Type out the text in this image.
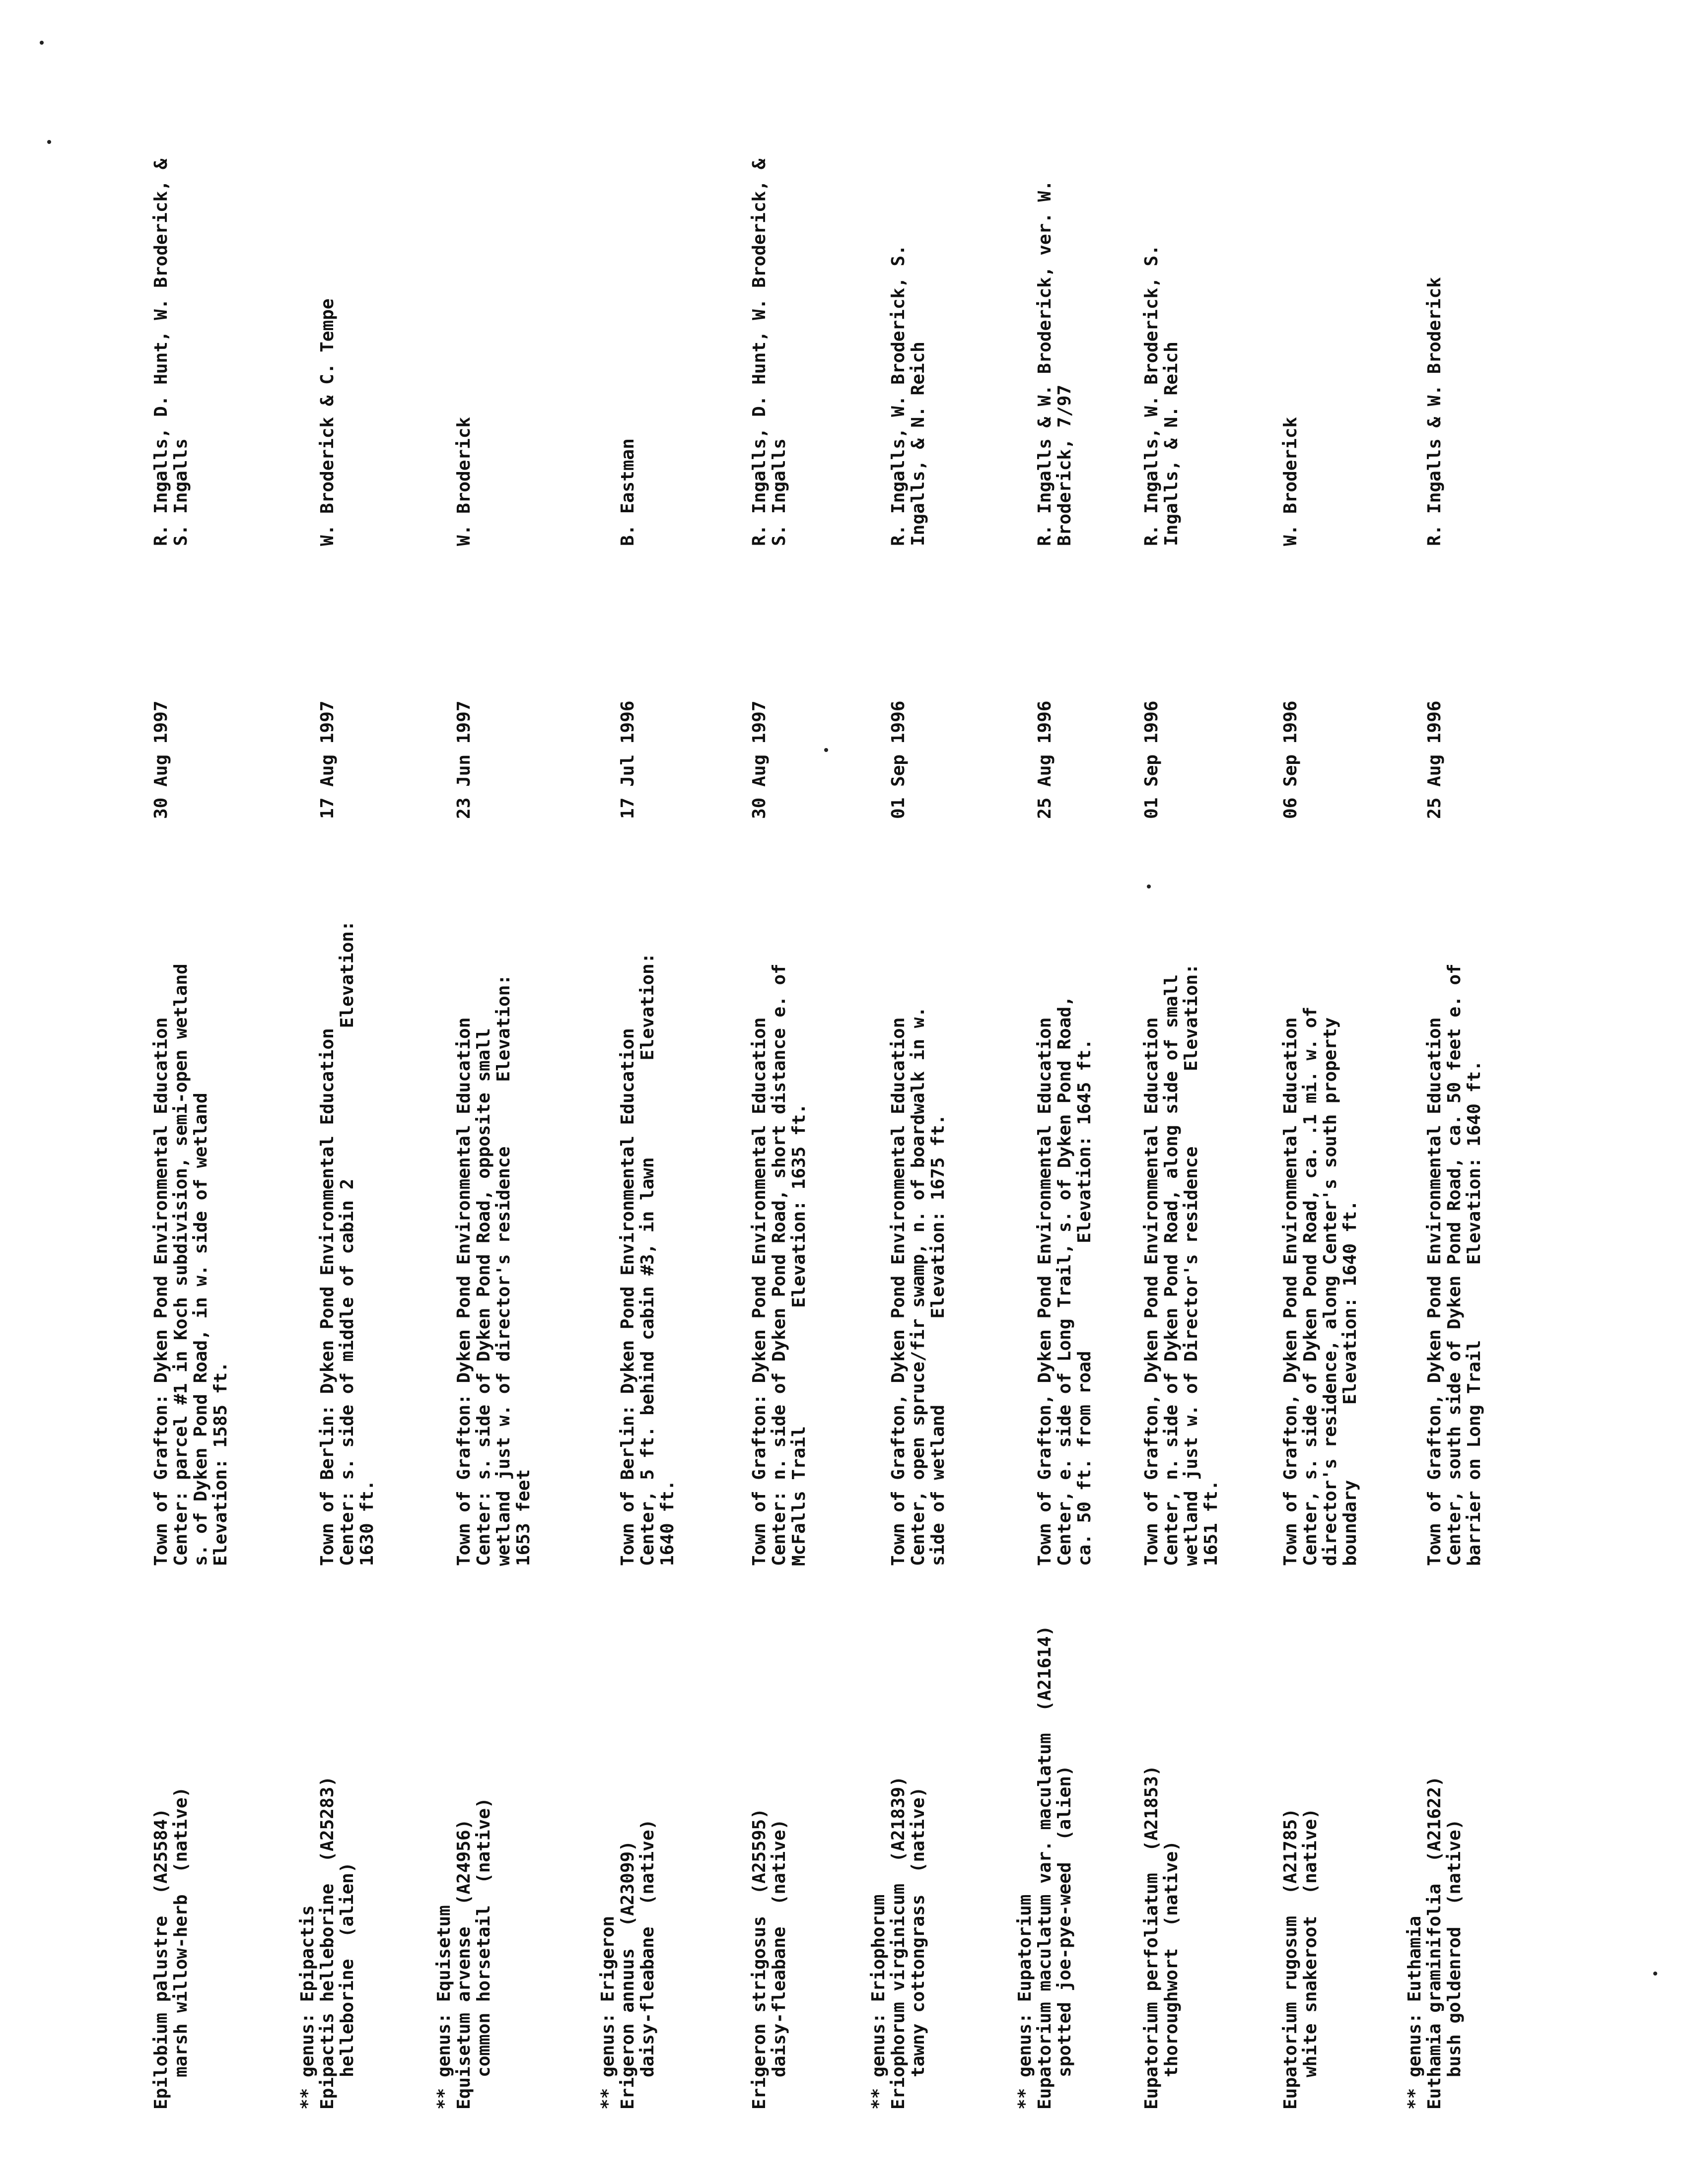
Epilobium palustre  (A25584) marsh willow-herb  (native)
Town of Grafton: Dyken Pond Environmental Education Center: parcel #1 in Koch subdivision, semi-open wetland s. of Dyken Pond Road, in w. side of wetland Elevation: 1585 ft.
30 Aug 1997
R. Ingalls, D. Hunt, W. Broderick, & S. Ingalls
** genus: Epipactis Epipactis helleborine  (A25283) helleborine  (alien)
Town of Berlin: Dyken Pond Environmental Education Center: s. side of middle of cabin 2              Elevation: 1630 ft.
17 Aug 1997
W. Broderick & C. Tempe
** genus: Equisetum Equisetum arvense  (A24956) common horsetail  (native)
Town of Grafton: Dyken Pond Environmental Education Center: s. side of Dyken Pond Road, opposite small wetland just w. of director's residence      Elevation: 1653 feet
23 Jun 1997
W. Broderick
** genus: Erigeron Erigeron annuus  (A23099) daisy-fleabane  (native)
Town of Berlin: Dyken Pond Environmental Education Center, 5 ft. behind cabin #3, in lawn         Elevation: 1640 ft.
17 Jul 1996
B. Eastman
Erigeron strigosus  (A25595) daisy-fleabane  (native)
Town of Grafton: Dyken Pond Environmental Education Center: n. side of Dyken Pond Road, short distance e. of McFalls Trail           Elevation: 1635 ft.
30 Aug 1997
R. Ingalls, D. Hunt, W. Broderick, & S. Ingalls
** genus: Eriophorum Eriophorum virginicum  (A21839) tawny cottongrass  (native)
Town of Grafton, Dyken Pond Environmental Education Center, open spruce/fir swamp, n. of boardwalk in w. side of wetland        Elevation: 1675 ft.
01 Sep 1996
R. Ingalls, W. Broderick, S. Ingalls, & N. Reich
** genus: Eupatorium Eupatorium maculatum var. maculatum  (A21614) spotted joe-pye-weed  (alien)
Town of Grafton, Dyken Pond Environmental Education Center, e. side of Long Trail, s. of Dyken Pond Road, ca. 50 ft. from road          Elevation: 1645 ft.
25 Aug 1996
R. Ingalls & W. Broderick, ver. W. Broderick, 7/97
Eupatorium perfoliatum  (A21853) thoroughwort  (native)
Town of Grafton, Dyken Pond Environmental Education Center, n. side of Dyken Pond Road, along side of small wetland just w. of Director's residence       Elevation: 1651 ft.
01 Sep 1996
R. Ingalls, W. Broderick, S. Ingalls, & N. Reich
Eupatorium rugosum  (A21785) white snakeroot  (native)
Town of Grafton, Dyken Pond Environmental Education Center, s. side of Dyken Pond Road, ca. .1 mi. w. of director's residence, along Center's south property boundary       Elevation: 1640 ft.
06 Sep 1996
W. Broderick
** genus: Euthamia Euthamia graminifolia  (A21622) bush goldenrod  (native)
Town of Grafton, Dyken Pond Environmental Education Center, south side of Dyken Pond Road, ca. 50 feet e. of barrier on Long Trail       Elevation: 1640 ft.
25 Aug 1996
R. Ingalls & W. Broderick
